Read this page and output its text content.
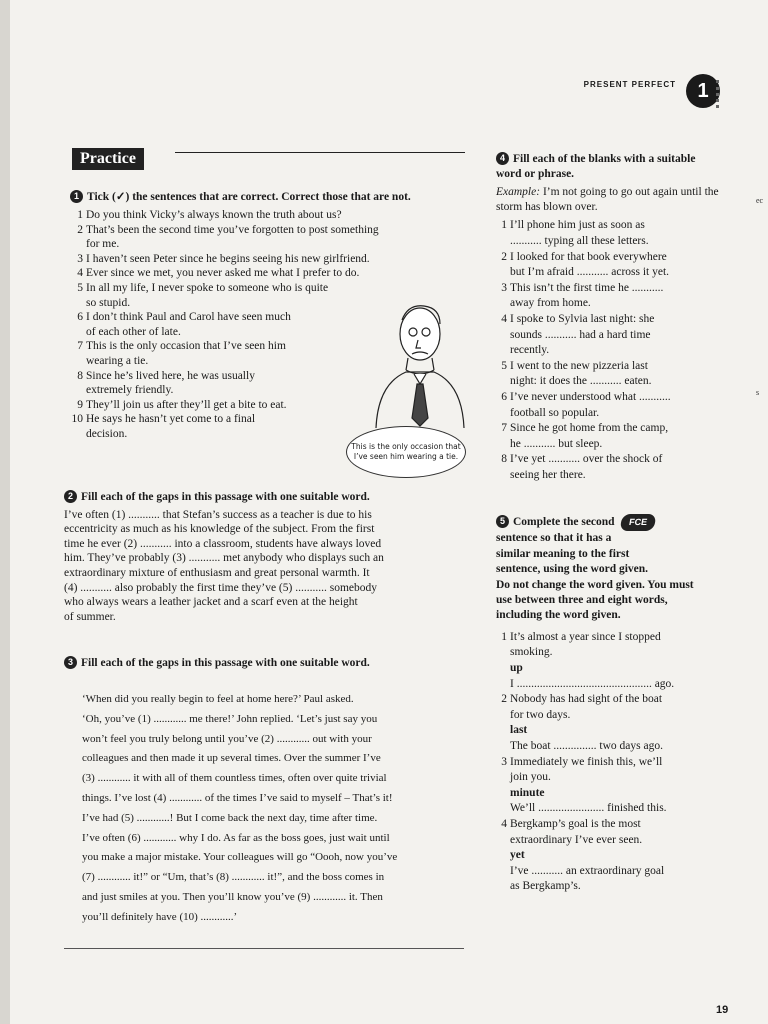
PRESENT PERFECT	1
ec
s
Practice
1 Tick (✓) the sentences that are correct. Correct those that are not.
1 Do you think Vicky’s always known the truth about us?
2 That’s been the second time you’ve forgotten to post something
for me.
3 I haven’t seen Peter since he begins seeing his new girlfriend.
4 Ever since we met, you never asked me what I prefer to do.
5 In all my life, I never spoke to someone who is quite
so stupid.
6 I don’t think Paul and Carol have seen much
of each other of late.
7 This is the only occasion that I’ve seen him
wearing a tie.
8 Since he’s lived here, he was usually
extremely friendly.
9 They’ll join us after they’ll get a bite to eat.
10 He says he hasn’t yet come to a final
decision.
This is the only occasion that I’ve seen him wearing a tie.
2 Fill each of the gaps in this passage with one suitable word.

I’ve often (1) ........... that Stefan’s success as a teacher is due to his

eccentricity as much as his knowledge of the subject. From the first

time he ever (2) ........... into a classroom, students have always loved

him. They’ve probably (3) ........... met anybody who displays such an

extraordinary mixture of enthusiasm and great personal warmth. It

(4) ........... also probably the first time they’ve (5) ........... somebody

who always wears a leather jacket and a scarf even at the height

of summer.

3 Fill each of the gaps in this passage with one suitable word.

‘When did you really begin to feel at home here?’ Paul asked.

‘Oh, you’ve (1) ............ me there!’ John replied. ‘Let’s just say you

won’t feel you truly belong until you’ve (2) ............ out with your

colleagues and then made it up several times. Over the summer I’ve

(3) ............ it with all of them countless times, often over quite trivial

things. I’ve lost (4) ............ of the times I’ve said to myself – That’s it!

I’ve had (5) ............! But I come back the next day, time after time.

I’ve often (6) ............ why I do. As far as the boss goes, just wait until

you make a major mistake. Your colleagues will go “Oooh, now you’ve

(7) ............ it!” or “Um, that’s (8) ............ it!”, and the boss comes in

and just smiles at you. Then you’ll know you’ve (9) ............ it. Then

you’ll definitely have (10) ............’

4 Fill each of the blanks with a suitable word or phrase.
Example: I’m not going to go out again until the storm has blown over.
1 I’ll phone him just as soon as
........... typing all these letters.
2 I looked for that book everywhere
but I’m afraid ........... across it yet.
3 This isn’t the first time he ...........
away from home.
4 I spoke to Sylvia last night: she
sounds ........... had a hard time
recently.
5 I went to the new pizzeria last
night: it does the ........... eaten.
6 I’ve never understood what ...........
football so popular.
7 Since he got home from the camp,
he ........... but sleep.
8 I’ve yet ........... over the shock of
seeing her there.
5 Complete the second FCE
sentence so that it has a
similar meaning to the first
sentence, using the word given.
Do not change the word given. You must
use between three and eight words,
including the word given.
1 It’s almost a year since I stopped
smoking.
up
I ............................................... ago.
2 Nobody has had sight of the boat
for two days.
last
The boat ............... two days ago.
3 Immediately we finish this, we’ll
join you.
minute
We’ll ....................... finished this.
4 Bergkamp’s goal is the most
extraordinary I’ve ever seen.
yet
I’ve ........... an extraordinary goal
as Bergkamp’s.
19
